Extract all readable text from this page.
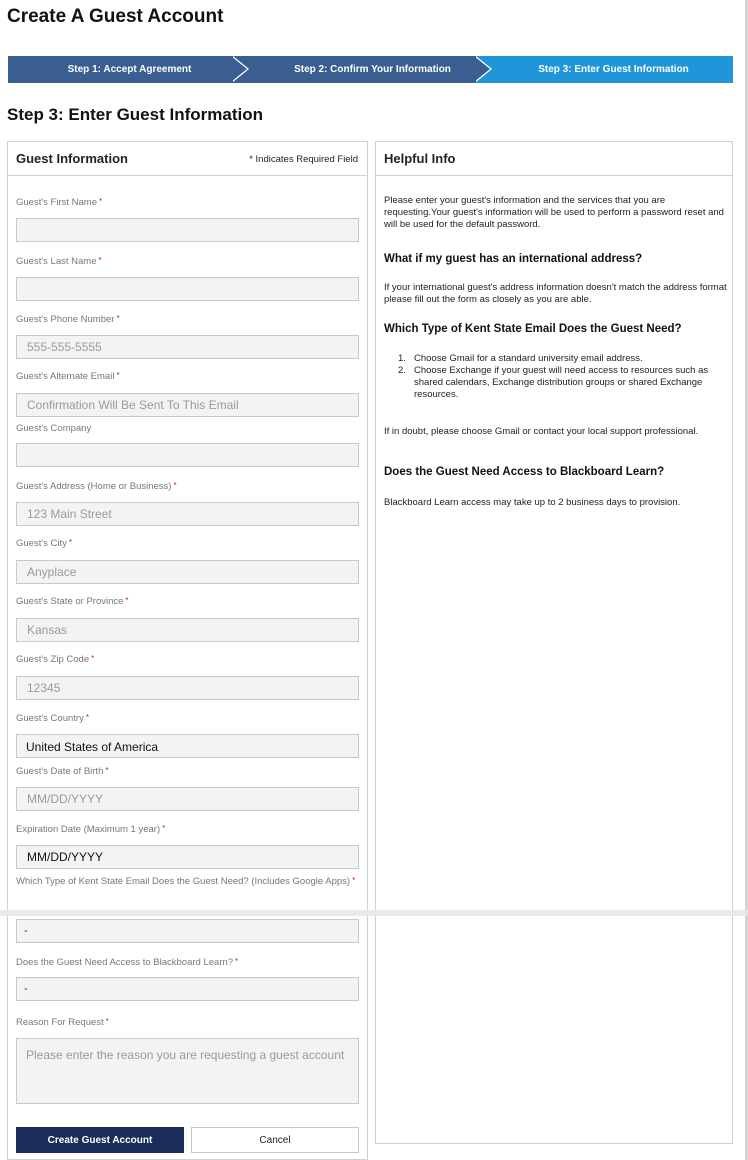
Create A Guest Account
Step 1: Accept Agreement	Step 2: Confirm Your Information	Step 3: Enter Guest Information
Step 3: Enter Guest Information
Guest Information	* Indicates Required Field
Guest's First Name *
Guest's Last Name *
Guest's Phone Number *
555-555-5555
Guest's Alternate Email *
Confirmation Will Be Sent To This Email
Guest's Company
Guest's Address (Home or Business) *
123 Main Street
Guest's City *
Anyplace
Guest's State or Province *
Kansas
Guest's Zip Code *
12345
Guest's Country *
United States of America
Guest's Date of Birth *
MM/DD/YYYY
Expiration Date (Maximum 1 year) *
MM/DD/YYYY
Which Type of Kent State Email Does the Guest Need? (Includes Google Apps) *
-
Does the Guest Need Access to Blackboard Learn? *
-
Reason For Request *
Please enter the reason you are requesting a guest account
Create Guest Account	Cancel
Helpful Info
Please enter your guest's information and the services that you are requesting.Your guest's information will be used to perform a password reset and will be used for the default password.
What if my guest has an international address?
If your international guest's address information doesn't match the address format please fill out the form as closely as you are able.
Which Type of Kent State Email Does the Guest Need?
1. Choose Gmail for a standard university email address.
2. Choose Exchange if your guest will need access to resources such as shared calendars, Exchange distribution groups or shared Exchange resources.
If in doubt, please choose Gmail or contact your local support professional.
Does the Guest Need Access to Blackboard Learn?
Blackboard Learn access may take up to 2 business days to provision.
